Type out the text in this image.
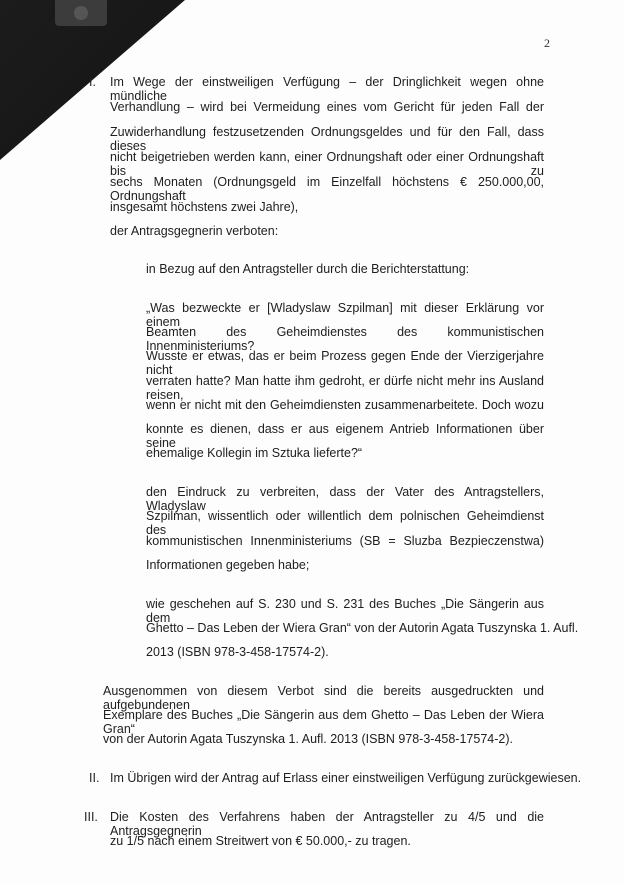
2
I. Im Wege der einstweiligen Verfügung – der Dringlichkeit wegen ohne mündliche
Verhandlung – wird bei Vermeidung eines vom Gericht für jeden Fall der
Zuwiderhandlung festzusetzenden Ordnungsgeldes und für den Fall, dass dieses
nicht beigetrieben werden kann, einer Ordnungshaft oder einer Ordnungshaft bis zu
sechs Monaten (Ordnungsgeld im Einzelfall höchstens € 250.000,00, Ordnungshaft
insgesamt höchstens zwei Jahre),
der Antragsgegnerin verboten:
in Bezug auf den Antragsteller durch die Berichterstattung:
„Was bezweckte er [Wladyslaw Szpilman] mit dieser Erklärung vor einem
Beamten des Geheimdienstes des kommunistischen Innenministeriums?
Wusste er etwas, das er beim Prozess gegen Ende der Vierzigerjahre nicht
verraten hatte? Man hatte ihm gedroht, er dürfe nicht mehr ins Ausland reisen,
wenn er nicht mit den Geheimdiensten zusammenarbeitete. Doch wozu
konnte es dienen, dass er aus eigenem Antrieb Informationen über seine
ehemalige Kollegin im Sztuka lieferte?“
den Eindruck zu verbreiten, dass der Vater des Antragstellers, Wladyslaw
Szpilman, wissentlich oder willentlich dem polnischen Geheimdienst des
kommunistischen Innenministeriums (SB = Sluzba Bezpieczenstwa)
Informationen gegeben habe;
wie geschehen auf S. 230 und S. 231 des Buches „Die Sängerin aus dem
Ghetto – Das Leben der Wiera Gran“ von der Autorin Agata Tuszynska 1. Aufl.
2013 (ISBN 978-3-458-17574-2).
Ausgenommen von diesem Verbot sind die bereits ausgedruckten und aufgebundenen
Exemplare des Buches „Die Sängerin aus dem Ghetto – Das Leben der Wiera Gran“
von der Autorin Agata Tuszynska 1. Aufl. 2013 (ISBN 978-3-458-17574-2).
II. Im Übrigen wird der Antrag auf Erlass einer einstweiligen Verfügung zurückgewiesen.
III. Die Kosten des Verfahrens haben der Antragsteller zu 4/5 und die Antragsgegnerin
zu 1/5 nach einem Streitwert von € 50.000,- zu tragen.
